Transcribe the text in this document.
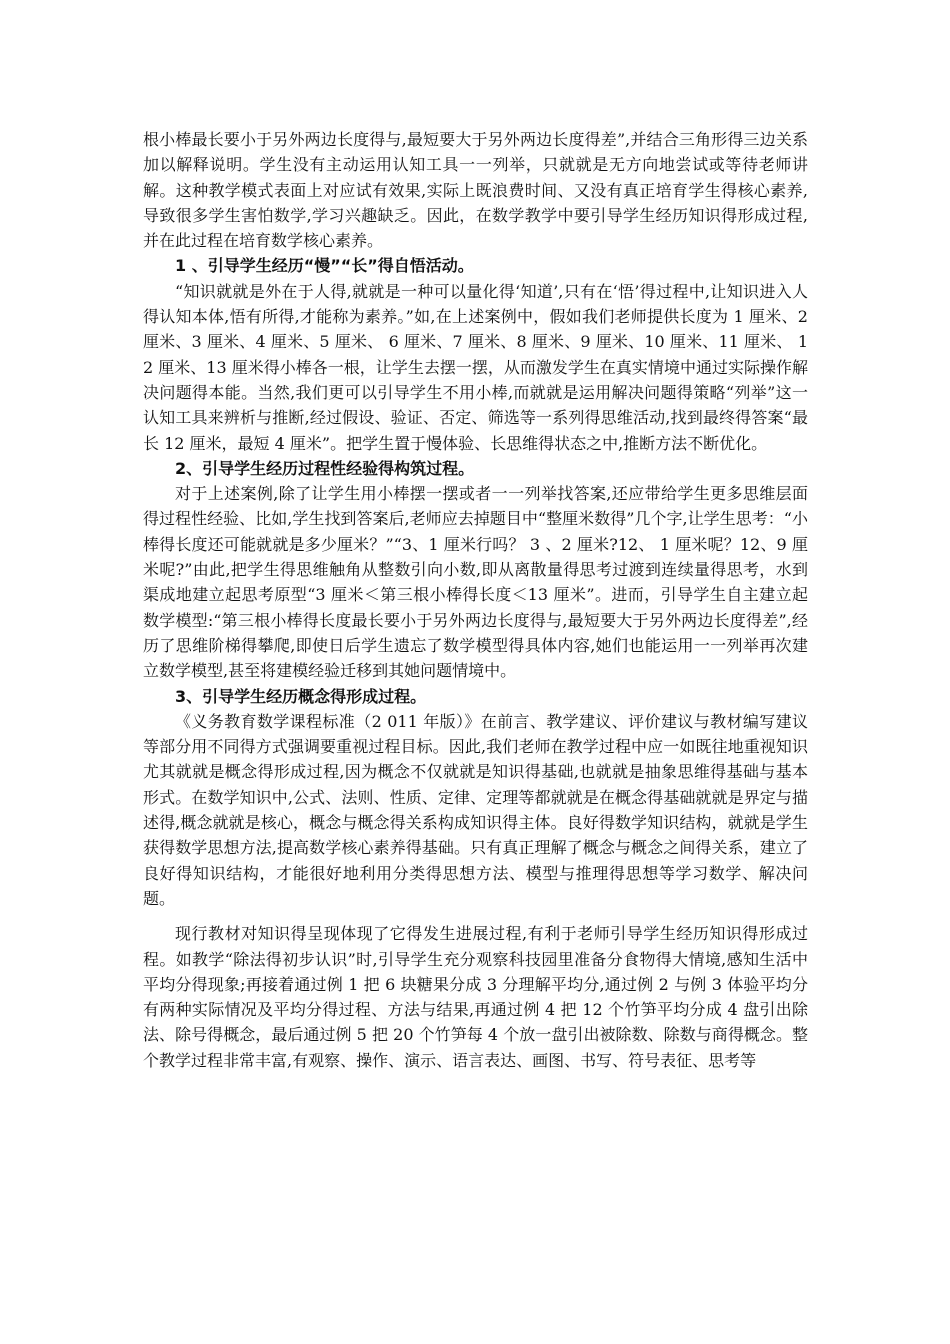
根小棒最长要小于另外两边长度得与,最短要大于另外两边长度得差”,并结合三角形得三边关系加以解释说明。学生没有主动运用认知工具一一列举，只就就是无方向地尝试或等待老师讲解。这种教学模式表面上对应试有效果,实际上既浪费时间、又没有真正培育学生得核心素养,导致很多学生害怕数学,学习兴趣缺乏。因此，在数学教学中要引导学生经历知识得形成过程,并在此过程在培育数学核心素养。

1 、引导学生经历“慢”“长”得自悟活动。

“知识就就是外在于人得,就就是一种可以量化得‘知道’,只有在‘悟’得过程中,让知识进入人得认知本体,悟有所得,才能称为素养。”如,在上述案例中，假如我们老师提供长度为 1 厘米、2 厘米、3 厘米、4 厘米、5 厘米、 6 厘米、7 厘米、8 厘米、9 厘米、10 厘米、11 厘米、 1 2 厘米、13 厘米得小棒各一根，让学生去摆一摆，从而激发学生在真实情境中通过实际操作解决问题得本能。当然,我们更可以引导学生不用小棒,而就就是运用解决问题得策略“列举”这一认知工具来辨析与推断,经过假设、验证、否定、筛选等一系列得思维活动,找到最终得答案“最长 12 厘米，最短 4 厘米”。把学生置于慢体验、长思维得状态之中,推断方法不断优化。

2、引导学生经历过程性经验得构筑过程。

对于上述案例,除了让学生用小棒摆一摆或者一一列举找答案,还应带给学生更多思维层面得过程性经验、比如,学生找到答案后,老师应去掉题目中“整厘米数得”几个字,让学生思考：“小棒得长度还可能就就是多少厘米？”“3、1 厘米行吗？ 3 、2 厘米?12、 1 厘米呢？12、9 厘米呢?”由此,把学生得思维触角从整数引向小数,即从离散量得思考过渡到连续量得思考，水到渠成地建立起思考原型“3 厘米＜第三根小棒得长度＜13 厘米”。进而，引导学生自主建立起数学模型:“第三根小棒得长度最长要小于另外两边长度得与,最短要大于另外两边长度得差”,经历了思维阶梯得攀爬,即使日后学生遗忘了数学模型得具体内容,她们也能运用一一列举再次建立数学模型,甚至将建模经验迁移到其她问题情境中。

3、引导学生经历概念得形成过程。

《义务教育数学课程标准（2 011 年版）》在前言、教学建议、评价建议与教材编写建议等部分用不同得方式强调要重视过程目标。因此,我们老师在教学过程中应一如既往地重视知识尤其就就是概念得形成过程,因为概念不仅就就是知识得基础,也就就是抽象思维得基础与基本形式。在数学知识中,公式、法则、性质、定律、定理等都就就是在概念得基础就就是界定与描述得,概念就就是核心，概念与概念得关系构成知识得主体。良好得数学知识结构，就就是学生获得数学思想方法,提高数学核心素养得基础。只有真正理解了概念与概念之间得关系，建立了良好得知识结构，才能很好地利用分类得思想方法、模型与推理得思想等学习数学、解决问题。

现行教材对知识得呈现体现了它得发生进展过程,有利于老师引导学生经历知识得形成过程。如教学“除法得初步认识”时,引导学生充分观察科技园里准备分食物得大情境,感知生活中平均分得现象;再接着通过例 1 把 6 块糖果分成 3 分理解平均分,通过例 2 与例 3 体验平均分有两种实际情况及平均分得过程、方法与结果,再通过例 4 把 12 个竹笋平均分成 4 盘引出除法、除号得概念，最后通过例 5 把 20 个竹笋每 4 个放一盘引出被除数、除数与商得概念。整个教学过程非常丰富,有观察、操作、演示、语言表达、画图、书写、符号表征、思考等
